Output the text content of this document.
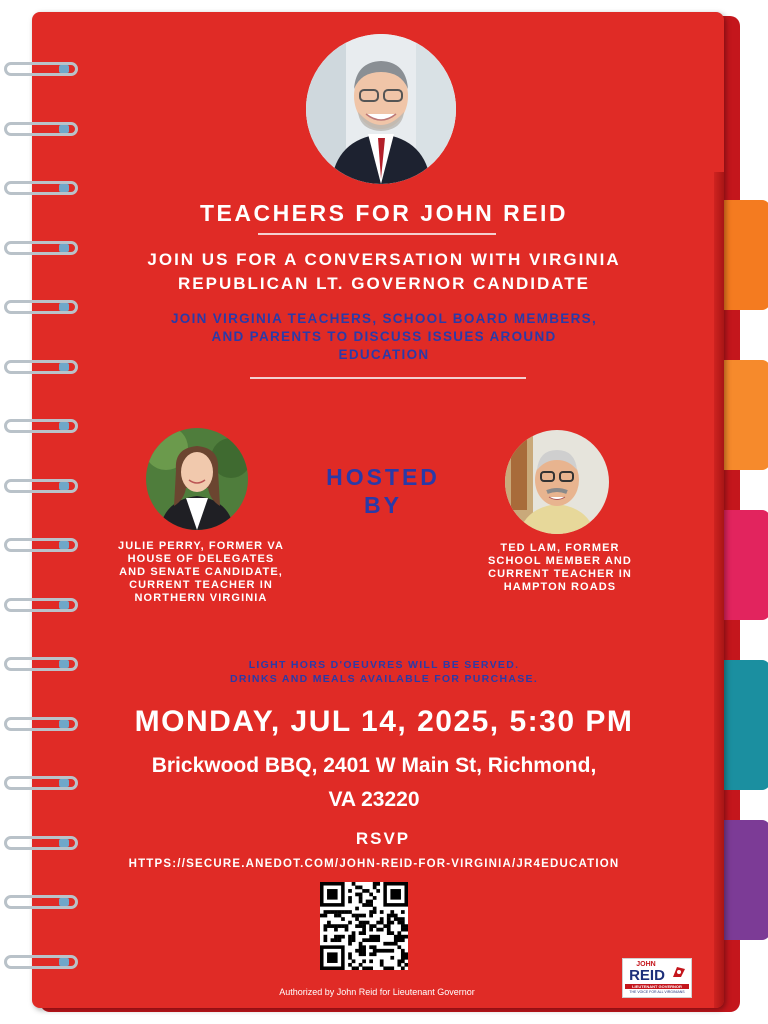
TEACHERS FOR JOHN REID
JOIN US FOR A CONVERSATION WITH VIRGINIA
REPUBLICAN LT. GOVERNOR CANDIDATE
JOIN VIRGINIA TEACHERS, SCHOOL BOARD MEMBERS,
AND PARENTS TO DISCUSS ISSUES AROUND
EDUCATION
HOSTED
BY
JULIE PERRY, FORMER VA
HOUSE OF DELEGATES
AND SENATE CANDIDATE,
CURRENT TEACHER IN
NORTHERN VIRGINIA
TED LAM, FORMER
SCHOOL MEMBER AND
CURRENT TEACHER IN
HAMPTON ROADS
LIGHT HORS D'OEUVRES WILL BE SERVED.
DRINKS AND MEALS AVAILABLE FOR PURCHASE.
MONDAY, JUL 14, 2025, 5:30 PM
Brickwood BBQ, 2401 W Main St, Richmond,
VA 23220
RSVP
HTTPS://SECURE.ANEDOT.COM/JOHN-REID-FOR-VIRGINIA/JR4EDUCATION
Authorized by John Reid for Lieutenant Governor
JOHN
REID
LIEUTENANT GOVERNOR
THE VOICE FOR ALL VIRGINIANS
